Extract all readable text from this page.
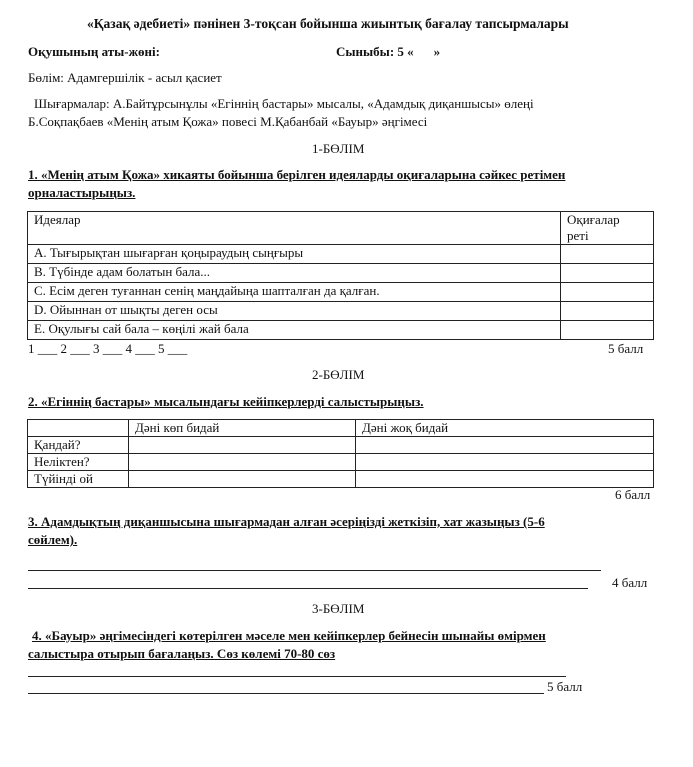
«Қазақ әдебиеті» пәнінен 3-тоқсан бойынша жиынтық бағалау тапсырмалары
Оқушының аты-жөні:	Сыныбы: 5 « »
Бөлім: Адамгершілік - асыл қасиет
Шығармалар: А.Байтұрсынұлы «Егіннің бастары» мысалы, «Адамдық диқаншысы» өлеңі
Б.Соқпақбаев «Менің атым Қожа» повесі М.Қабанбай «Бауыр» әңгімесі
1-БӨЛІМ
1. «Менің атым Қожа» хикаяты бойынша берілген идеяларды оқиғаларына сәйкес ретімен
орналастырыңыз.
Идеялар	Оқиғалар
реті

A. Тығырықтан шығарған қоңыраудың сыңғыры	
B. Түбінде адам болатын бала...	
C. Есім деген туғаннан сенің маңдайыңа шапталған да қалған.	
D. Ойыннан от шықты деген осы	
E. Оқулығы сай бала – көңілі жай бала	
1 ___ 2 ___ 3 ___ 4 ___ 5 ___	5 балл
2-БӨЛІМ
2. «Егіннің бастары» мысалындағы кейіпкерлерді салыстырыңыз.
	Дәні көп бидай	Дәні жоқ бидай
Қандай?		
Неліктен?		
Түйінді ой		
6 балл
3. Адамдықтың диқаншысына шығармадан алған әсеріңізді жеткізіп, хат жазыңыз (5-6
сөйлем).
4 балл
3-БӨЛІМ
4. «Бауыр» әңгімесіндегі көтерілген мәселе мен кейіпкерлер бейнесін шынайы өмірмен
салыстыра отырып бағалаңыз. Сөз көлемі 70-80 сөз
5 балл
